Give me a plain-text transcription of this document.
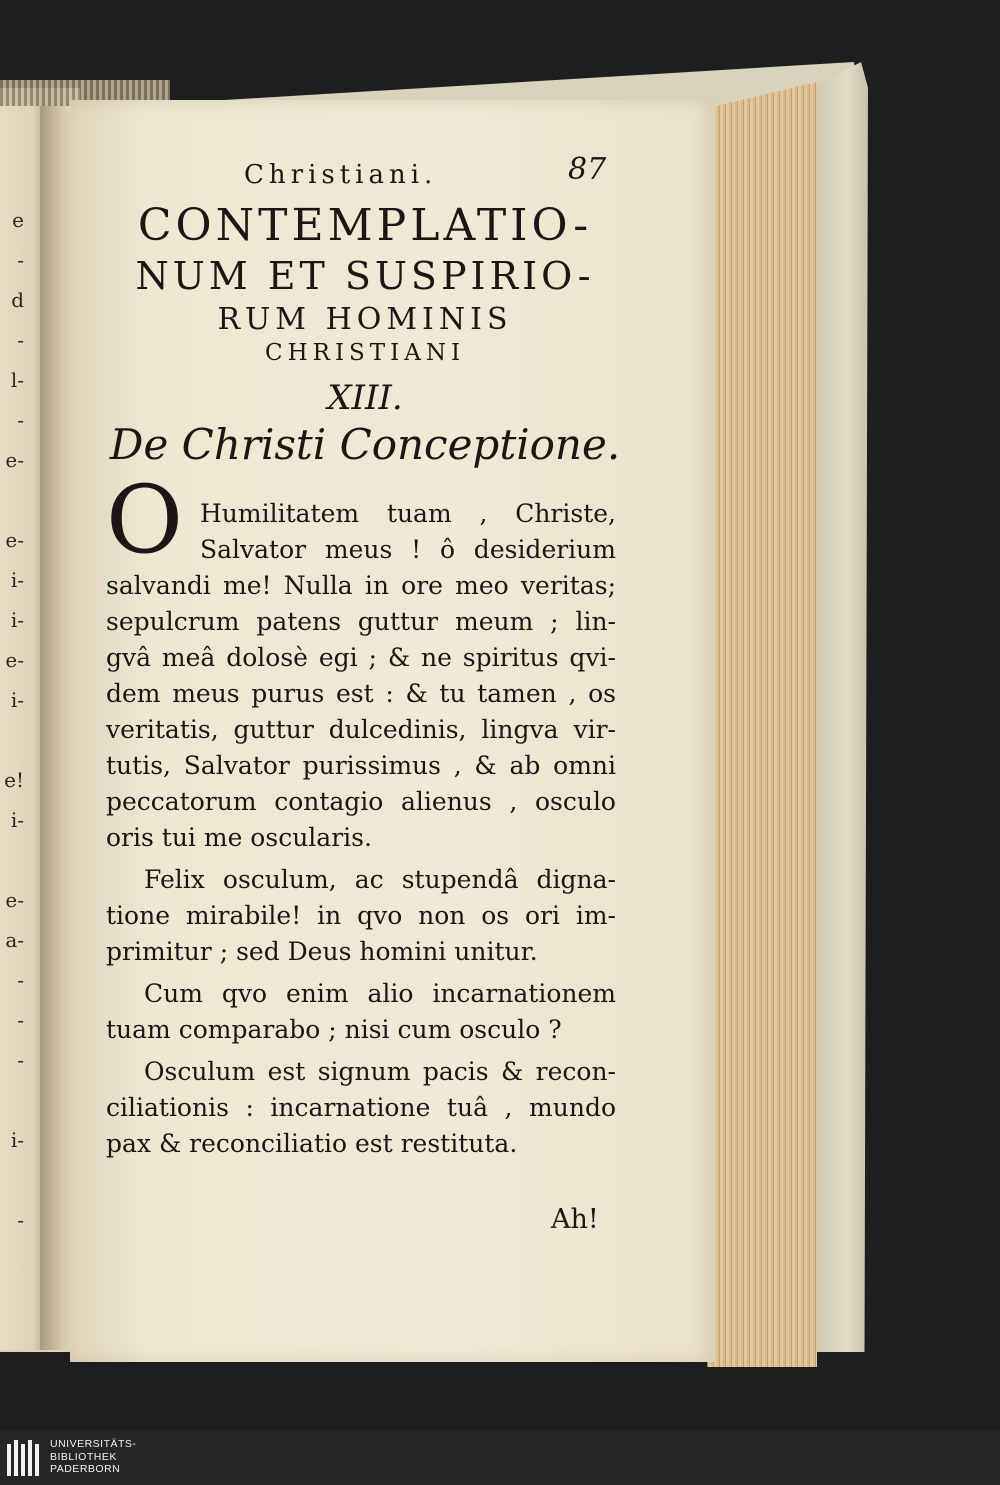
e
-
d
-
l-
-
e-

e-
i-
i-
e-
i-

e!
i-

e-
a-
-
-
-

i-

-
Christiani.	87
CONTEMPLATIO-
NUM ET SUSPIRIO-
RUM HOMINIS
CHRISTIANI
XIII.
De Christi Conceptione.
O Humilitatem tuam , Christe,
Salvator meus ! ô desiderium
salvandi me! Nulla in ore meo veritas;
sepulcrum patens guttur meum ; lin-
gvâ meâ dolosè egi ; & ne spiritus qvi-
dem meus purus est : & tu tamen , os
veritatis, guttur dulcedinis, lingva vir-
tutis, Salvator purissimus , & ab omni
peccatorum contagio alienus , osculo
oris tui me oscularis.
Felix osculum, ac stupendâ digna-
tione mirabile! in qvo non os ori im-
primitur ; sed Deus homini unitur.
Cum qvo enim alio incarnationem
tuam comparabo ; nisi cum osculo ?
Osculum est signum pacis & recon-
ciliationis : incarnatione tuâ , mundo
pax & reconciliatio est restituta.
Ah!
UNIVERSITÄTS-
BIBLIOTHEK
PADERBORN
